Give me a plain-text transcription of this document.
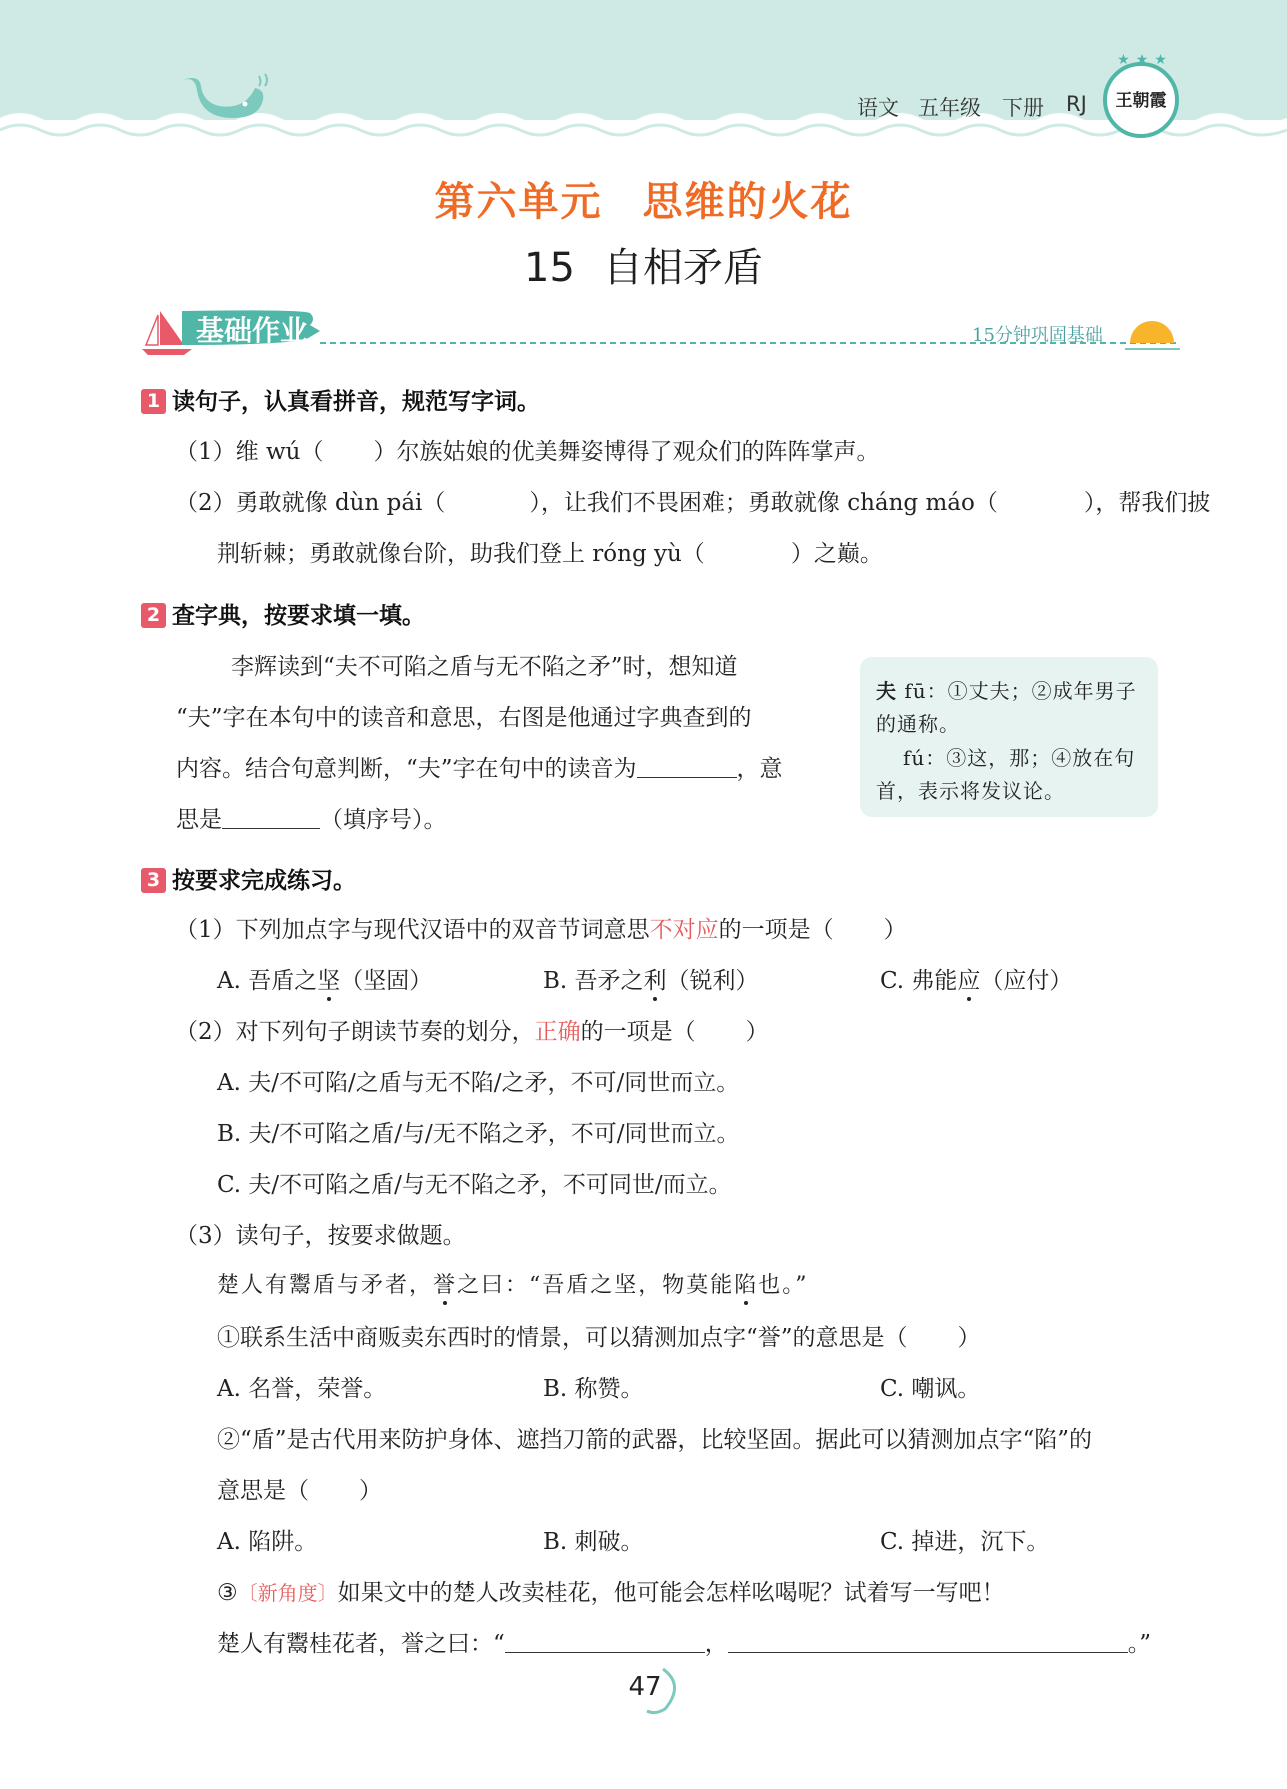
语文 五年级 下册 RJ
★★★
王朝霞
第六单元 思维的火花
15 自相矛盾
基础作业	15分钟巩固基础
1 读句子，认真看拼音，规范写字词。
（1）维 wú（ ）尔族姑娘的优美舞姿博得了观众们的阵阵掌声。
（2）勇敢就像 dùn pái（	），让我们不畏困难；勇敢就像 cháng máo（	），帮我们披
荆斩棘；勇敢就像台阶，助我们登上 róng yù（	）之巅。
2 查字典，按要求填一填。
李辉读到“夫不可陷之盾与无不陷之矛”时，想知道
“夫”字在本句中的读音和意思，右图是他通过字典查到的
内容。结合句意判断，“夫”字在句中的读音为	，意
思是	（填序号）。
夫 fū：①丈夫；②成年男子
的通称。
fú：③这，那；④放在句
首，表示将发议论。
3 按要求完成练习。
（1）下列加点字与现代汉语中的双音节词意思不对应的一项是（ ）
A. 吾盾之坚（坚固）	B. 吾矛之利（锐利）	C. 弗能应（应付）
（2）对下列句子朗读节奏的划分，正确的一项是（ ）
A. 夫/不可陷/之盾与无不陷/之矛，不可/同世而立。
B. 夫/不可陷之盾/与/无不陷之矛，不可/同世而立。
C. 夫/不可陷之盾/与无不陷之矛，不可同世/而立。
（3）读句子，按要求做题。
楚人有鬻盾与矛者，誉之曰：“吾盾之坚，物莫能陷也。”
①联系生活中商贩卖东西时的情景，可以猜测加点字“誉”的意思是（ ）
A. 名誉，荣誉。	B. 称赞。	C. 嘲讽。
②“盾”是古代用来防护身体、遮挡刀箭的武器，比较坚固。据此可以猜测加点字“陷”的
意思是（ ）
A. 陷阱。	B. 刺破。	C. 掉进，沉下。
③〔新角度〕如果文中的楚人改卖桂花，他可能会怎样吆喝呢？试着写一写吧！
楚人有鬻桂花者，誉之曰：“	，	。”
47
